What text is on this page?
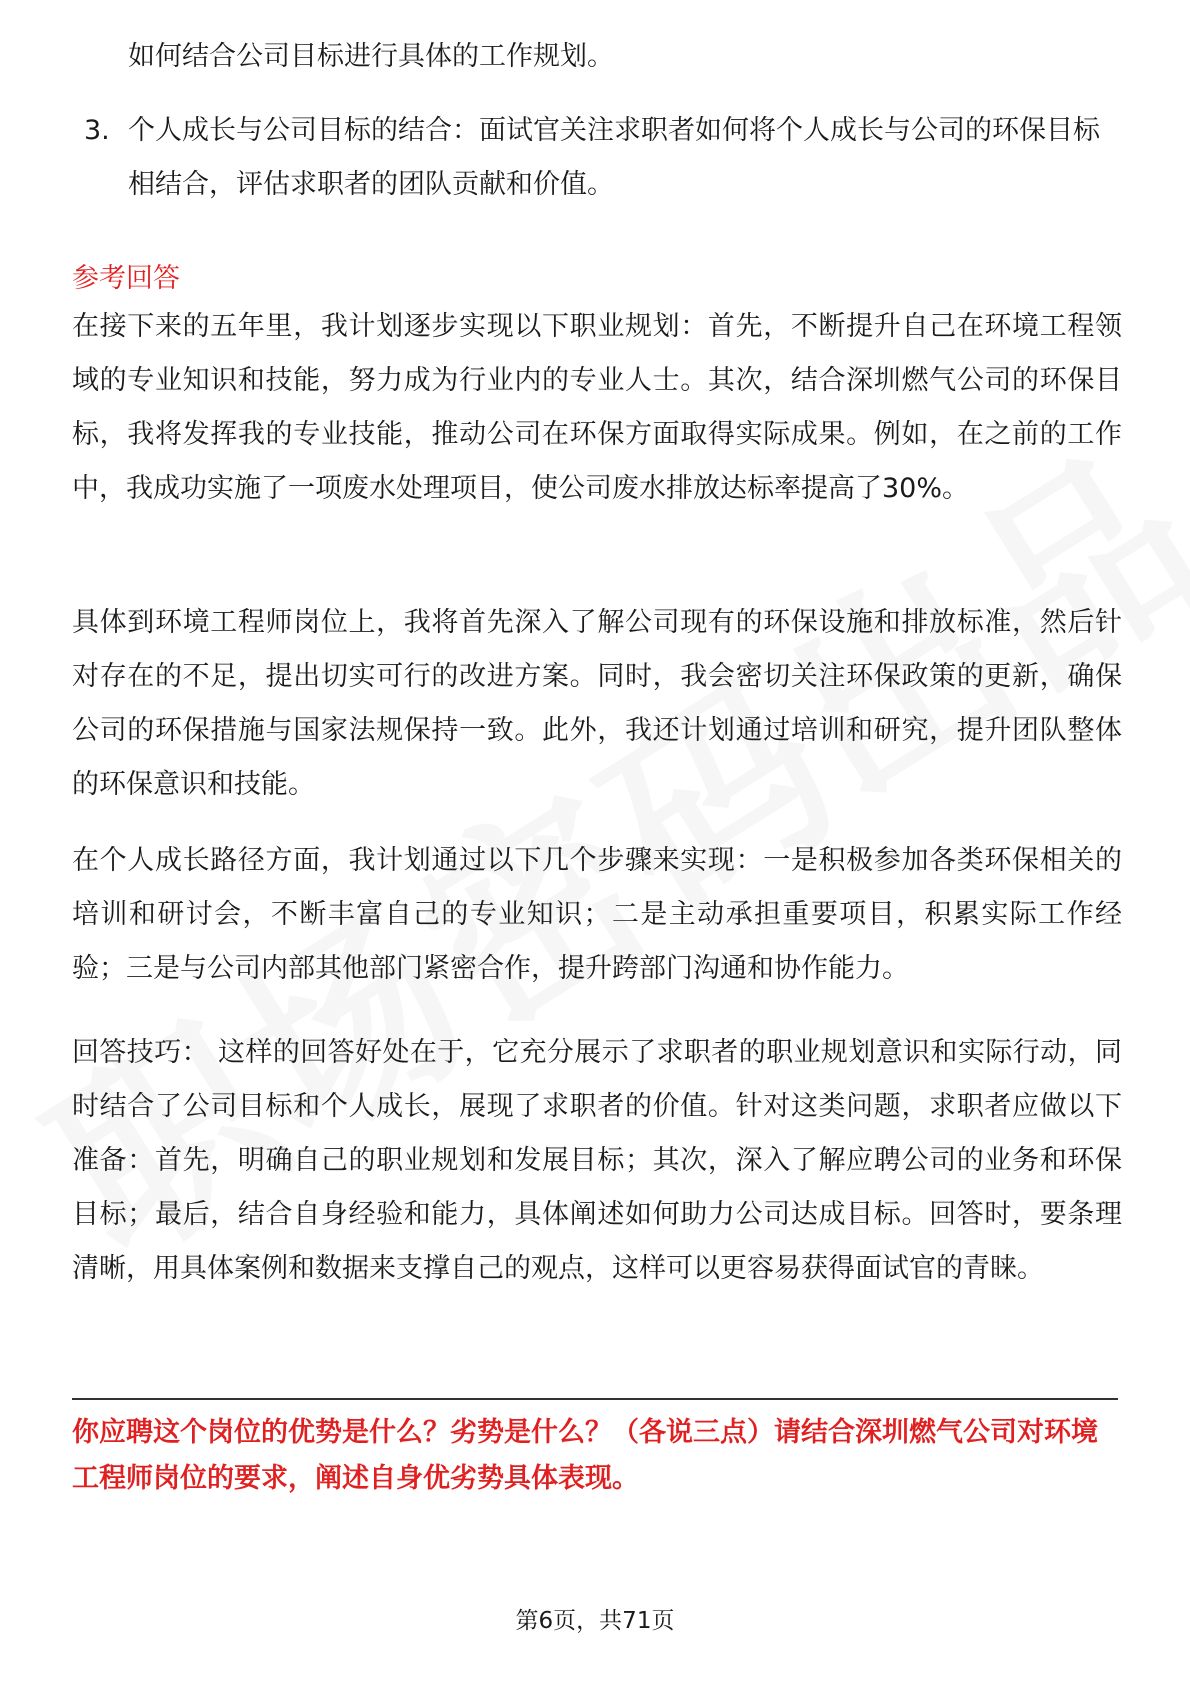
如何结合公司目标进行具体的工作规划。
3. 个人成长与公司目标的结合：面试官关注求职者如何将个人成长与公司的环保目标相结合，评估求职者的团队贡献和价值。
参考回答
在接下来的五年里，我计划逐步实现以下职业规划：首先，不断提升自己在环境工程领域的专业知识和技能，努力成为行业内的专业人士。其次，结合深圳燃气公司的环保目标，我将发挥我的专业技能，推动公司在环保方面取得实际成果。例如，在之前的工作中，我成功实施了一项废水处理项目，使公司废水排放达标率提高了30%。
具体到环境工程师岗位上，我将首先深入了解公司现有的环保设施和排放标准，然后针对存在的不足，提出切实可行的改进方案。同时，我会密切关注环保政策的更新，确保公司的环保措施与国家法规保持一致。此外，我还计划通过培训和研究，提升团队整体的环保意识和技能。
在个人成长路径方面，我计划通过以下几个步骤来实现：一是积极参加各类环保相关的培训和研讨会，不断丰富自己的专业知识；二是主动承担重要项目，积累实际工作经验；三是与公司内部其他部门紧密合作，提升跨部门沟通和协作能力。
回答技巧： 这样的回答好处在于，它充分展示了求职者的职业规划意识和实际行动，同时结合了公司目标和个人成长，展现了求职者的价值。针对这类问题，求职者应做以下准备：首先，明确自己的职业规划和发展目标；其次，深入了解应聘公司的业务和环保目标；最后，结合自身经验和能力，具体阐述如何助力公司达成目标。回答时，要条理清晰，用具体案例和数据来支撑自己的观点，这样可以更容易获得面试官的青睐。
你应聘这个岗位的优势是什么？劣势是什么？（各说三点）请结合深圳燃气公司对环境工程师岗位的要求，阐述自身优劣势具体表现。
第6页，共71页
